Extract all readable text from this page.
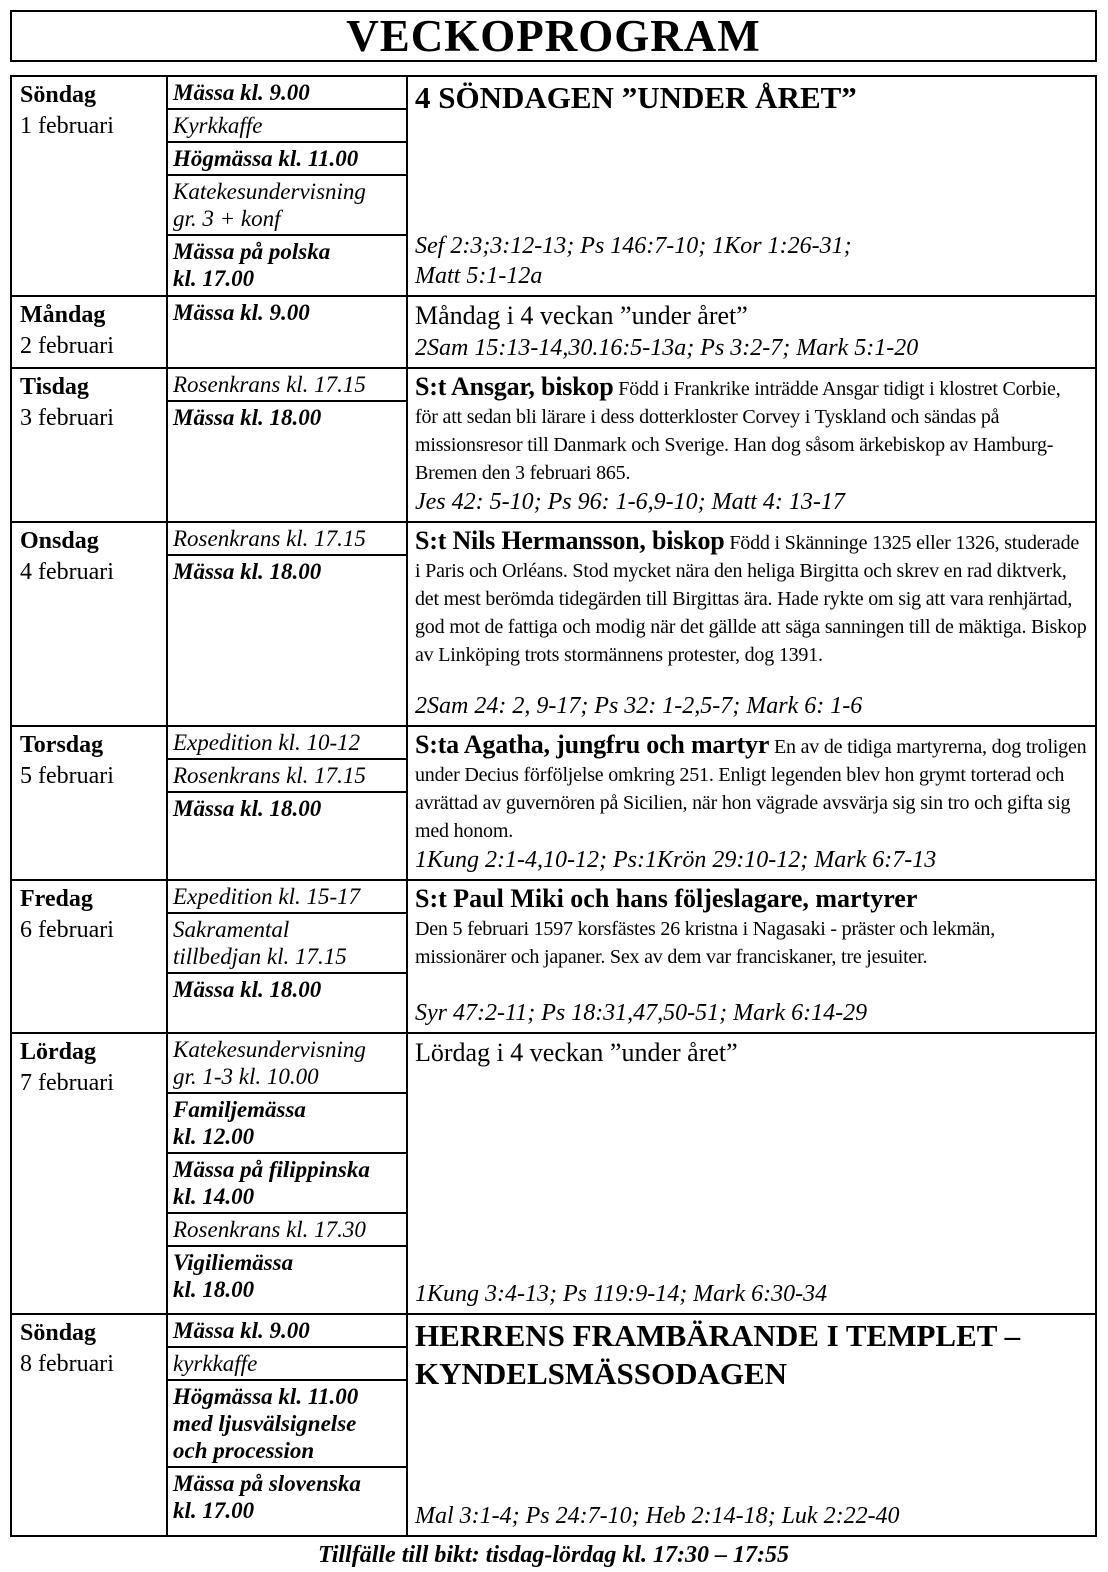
VECKOPROGRAM
Söndag
1 februari
Mässa kl. 9.00
Kyrkkaffe
Högmässa kl. 11.00
Katekesundervisning
gr. 3 + konf
Mässa på polska
kl. 17.00
4 SÖNDAGEN ”UNDER ÅRET”
Sef 2:3;3:12-13; Ps 146:7-10; 1Kor 1:26-31;
Matt 5:1-12a
Måndag
2 februari
Mässa kl. 9.00	Måndag i 4 veckan ”under året”
2Sam 15:13-14,30.16:5-13a; Ps 3:2-7; Mark 5:1-20
Tisdag
3 februari
Rosenkrans kl. 17.15
Mässa kl. 18.00
S:t Ansgar, biskop Född i Frankrike inträdde Ansgar tidigt i klostret Corbie, för att sedan bli lärare i dess dotterkloster Corvey i Tyskland och sändas på missionsresor till Danmark och Sverige. Han dog såsom ärkebiskop av Hamburg-Bremen den 3 februari 865.
Jes 42: 5-10; Ps 96: 1-6,9-10; Matt 4: 13-17
Onsdag
4 februari
Rosenkrans kl. 17.15
Mässa kl. 18.00
S:t Nils Hermansson, biskop Född i Skänninge 1325 eller 1326, studerade i Paris och Orléans. Stod mycket nära den heliga Birgitta och skrev en rad diktverk, det mest berömda tidegärden till Birgittas ära. Hade rykte om sig att vara renhjärtad, god mot de fattiga och modig när det gällde att säga sanningen till de mäktiga. Biskop av Linköping trots stormännens protester, dog 1391.
2Sam 24: 2, 9-17; Ps 32: 1-2,5-7; Mark 6: 1-6
Torsdag
5 februari
Expedition kl. 10-12
Rosenkrans kl. 17.15
Mässa kl. 18.00
S:ta Agatha, jungfru och martyr En av de tidiga martyrerna, dog troligen under Decius förföljelse omkring 251. Enligt legenden blev hon grymt torterad och avrättad av guvernören på Sicilien, när hon vägrade avsvärja sig sin tro och gifta sig med honom.
1Kung 2:1-4,10-12; Ps:1Krön 29:10-12; Mark 6:7-13
Fredag
6 februari
Expedition kl. 15-17
Sakramental
tillbedjan kl. 17.15
Mässa kl. 18.00
S:t Paul Miki och hans följeslagare, martyrer
Den 5 februari 1597 korsfästes 26 kristna i Nagasaki - präster och lekmän, missionärer och japaner. Sex av dem var franciskaner, tre jesuiter.
Syr 47:2-11; Ps 18:31,47,50-51; Mark 6:14-29
Lördag
7 februari
Katekesundervisning
gr. 1-3 kl. 10.00
Familjemässa
kl. 12.00
Mässa på filippinska
kl. 14.00
Rosenkrans kl. 17.30
Vigiliemässa
kl. 18.00
Lördag i 4 veckan ”under året”
1Kung 3:4-13; Ps 119:9-14; Mark 6:30-34
Söndag
8 februari
Mässa kl. 9.00
kyrkkaffe
Högmässa kl. 11.00
med ljusvälsignelse
och procession
Mässa på slovenska
kl. 17.00
HERRENS FRAMBÄRANDE I TEMPLET –
KYNDELSMÄSSODAGEN
Mal 3:1-4; Ps 24:7-10; Heb 2:14-18; Luk 2:22-40
Tillfälle till bikt: tisdag-lördag kl. 17:30 – 17:55
